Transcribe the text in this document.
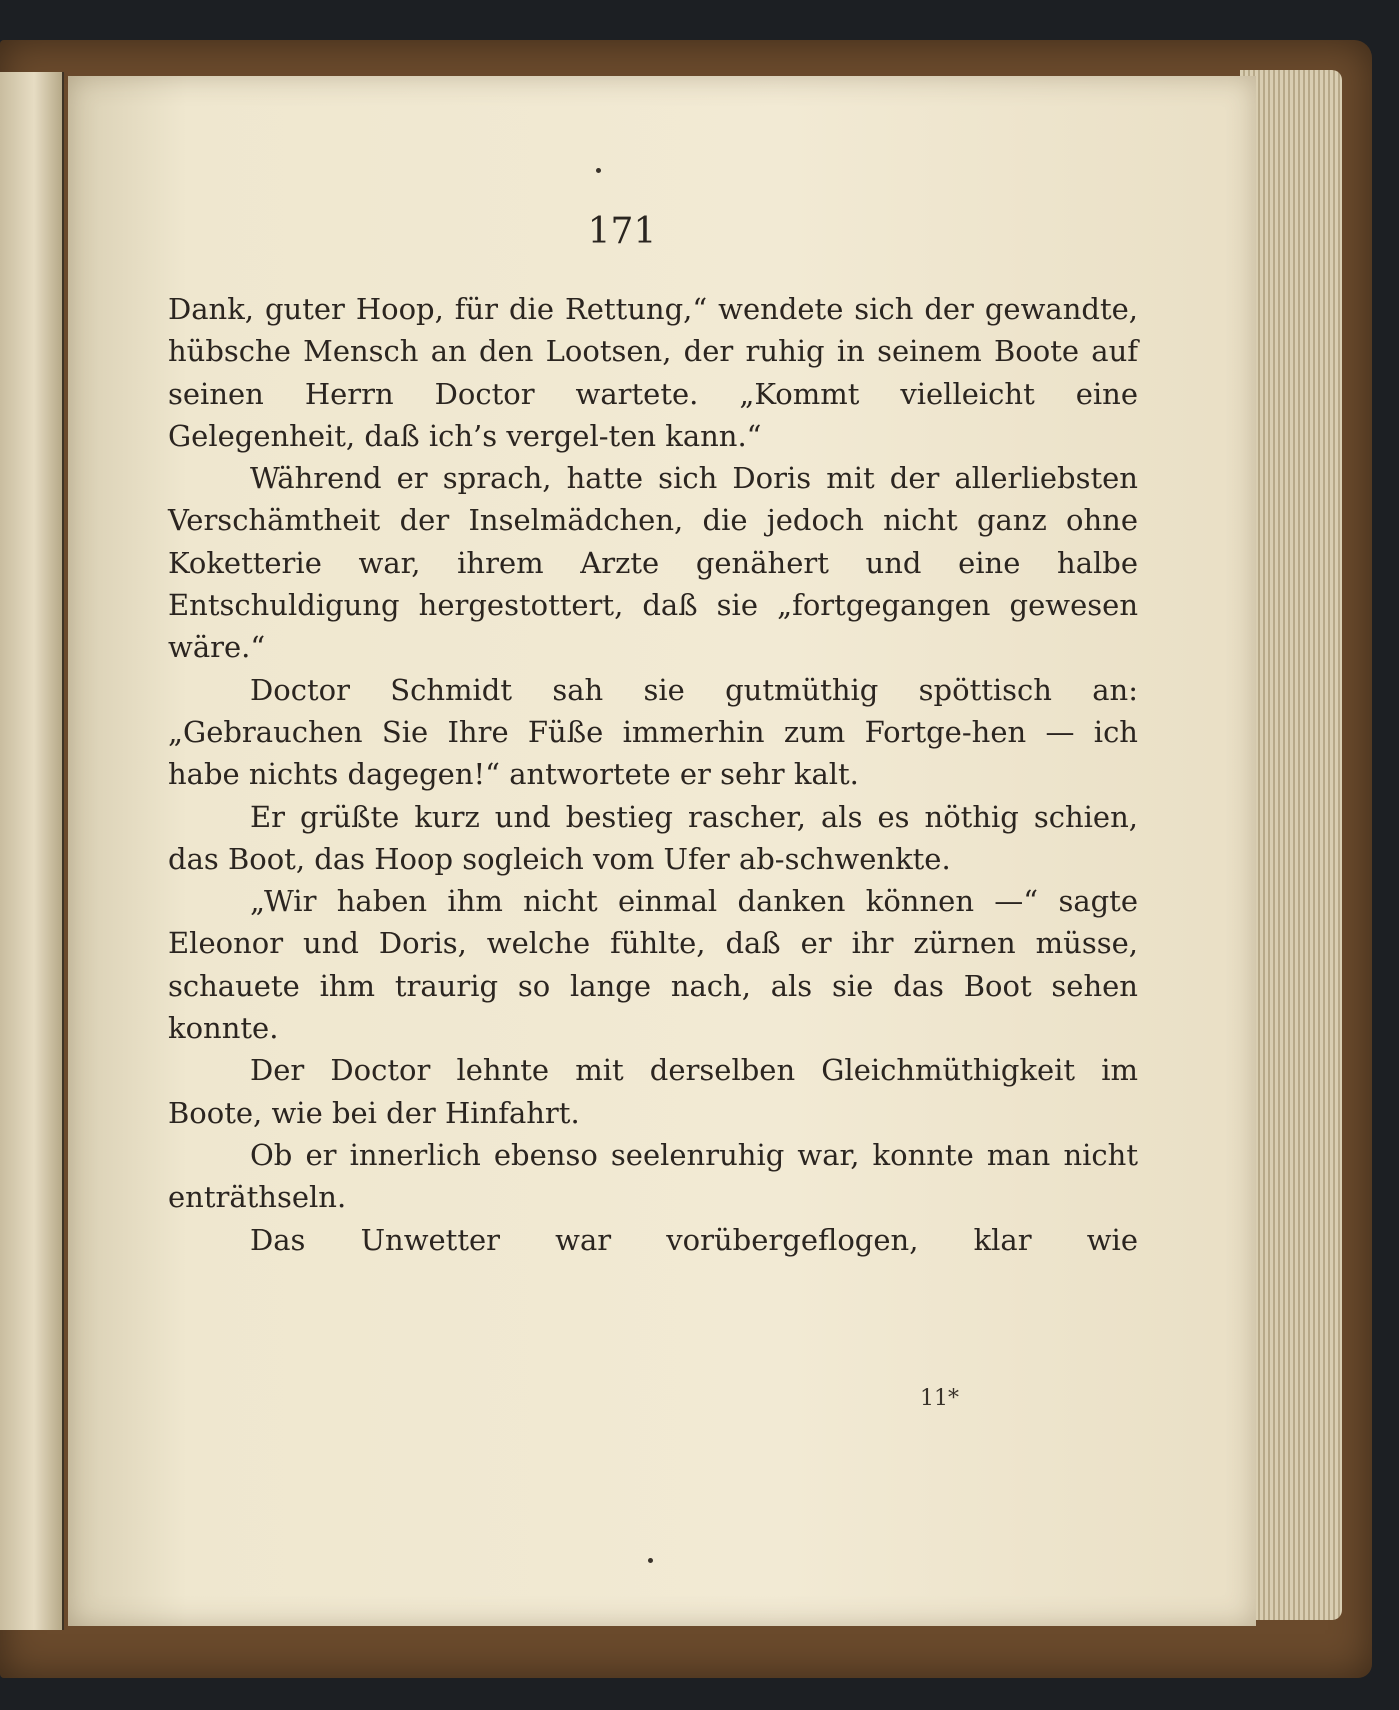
171

Dank, guter Hoop, für die Rettung,“ wendete sich der gewandte, hübsche Mensch an den Lootsen, der ruhig in seinem Boote auf seinen Herrn Doctor wartete. „Kommt vielleicht eine Gelegenheit, daß ich’s vergel-ten kann.“

Während er sprach, hatte sich Doris mit der allerliebsten Verschämtheit der Inselmädchen, die jedoch nicht ganz ohne Koketterie war, ihrem Arzte genähert und eine halbe Entschuldigung hergestottert, daß sie „fortgegangen gewesen wäre.“

Doctor Schmidt sah sie gutmüthig spöttisch an: „Gebrauchen Sie Ihre Füße immerhin zum Fortge-hen — ich habe nichts dagegen!“ antwortete er sehr kalt.

Er grüßte kurz und bestieg rascher, als es nöthig schien, das Boot, das Hoop sogleich vom Ufer ab-schwenkte.

„Wir haben ihm nicht einmal danken können —“ sagte Eleonor und Doris, welche fühlte, daß er ihr zürnen müsse, schauete ihm traurig so lange nach, als sie das Boot sehen konnte.

Der Doctor lehnte mit derselben Gleichmüthigkeit im Boote, wie bei der Hinfahrt.

Ob er innerlich ebenso seelenruhig war, konnte man nicht enträthseln.

Das Unwetter war vorübergeflogen, klar wie

11*
